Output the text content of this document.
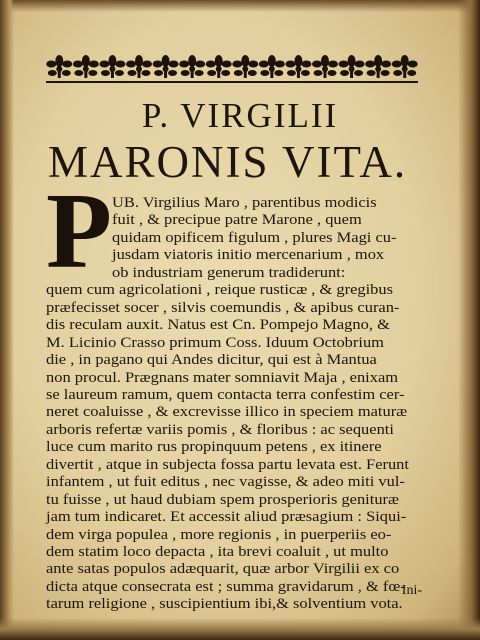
P. VIRGILII
MARONIS VITA.
P UB. Virgilius Maro , parentibus modicis
fuit , & precipue patre Marone , quem
quidam opificem figulum , plures Magi cu-
jusdam viatoris initio mercenarium , mox
ob industriam generum tradiderunt:
quem cum agricolationi , reique rusticæ , & gregibus
præfecisset socer , silvis coemundis , & apibus curan-
dis reculam auxit. Natus est Cn. Pompejo Magno, &
M. Licinio Crasso primum Coss. Iduum Octobrium
die , in pagano qui Andes dicitur, qui est à Mantua
non procul. Prægnans mater somniavit Maja , enixam
se laureum ramum, quem contacta terra confestim cer-
neret coaluisse , & excrevisse illico in speciem maturæ
arboris refertæ variis pomis , & floribus : ac sequenti
luce cum marito rus propinquum petens , ex itinere
divertit , atque in subjecta fossa partu levata est. Ferunt
infantem , ut fuit editus , nec vagisse, & adeo miti vul-
tu fuisse , ut haud dubiam spem prosperioris genituræ
jam tum indicaret. Et accessit aliud præsagium : Siqui-
dem virga populea , more regionis , in puerperiis eo-
dem statim loco depacta , ita brevi coaluit , ut multo
ante satas populos adæquarit, quæ arbor Virgilii ex co
dicta atque consecrata est ; summa gravidarum , & fœ-
tarum religione , suscipientium ibi,& solventium vota.
Ini-
